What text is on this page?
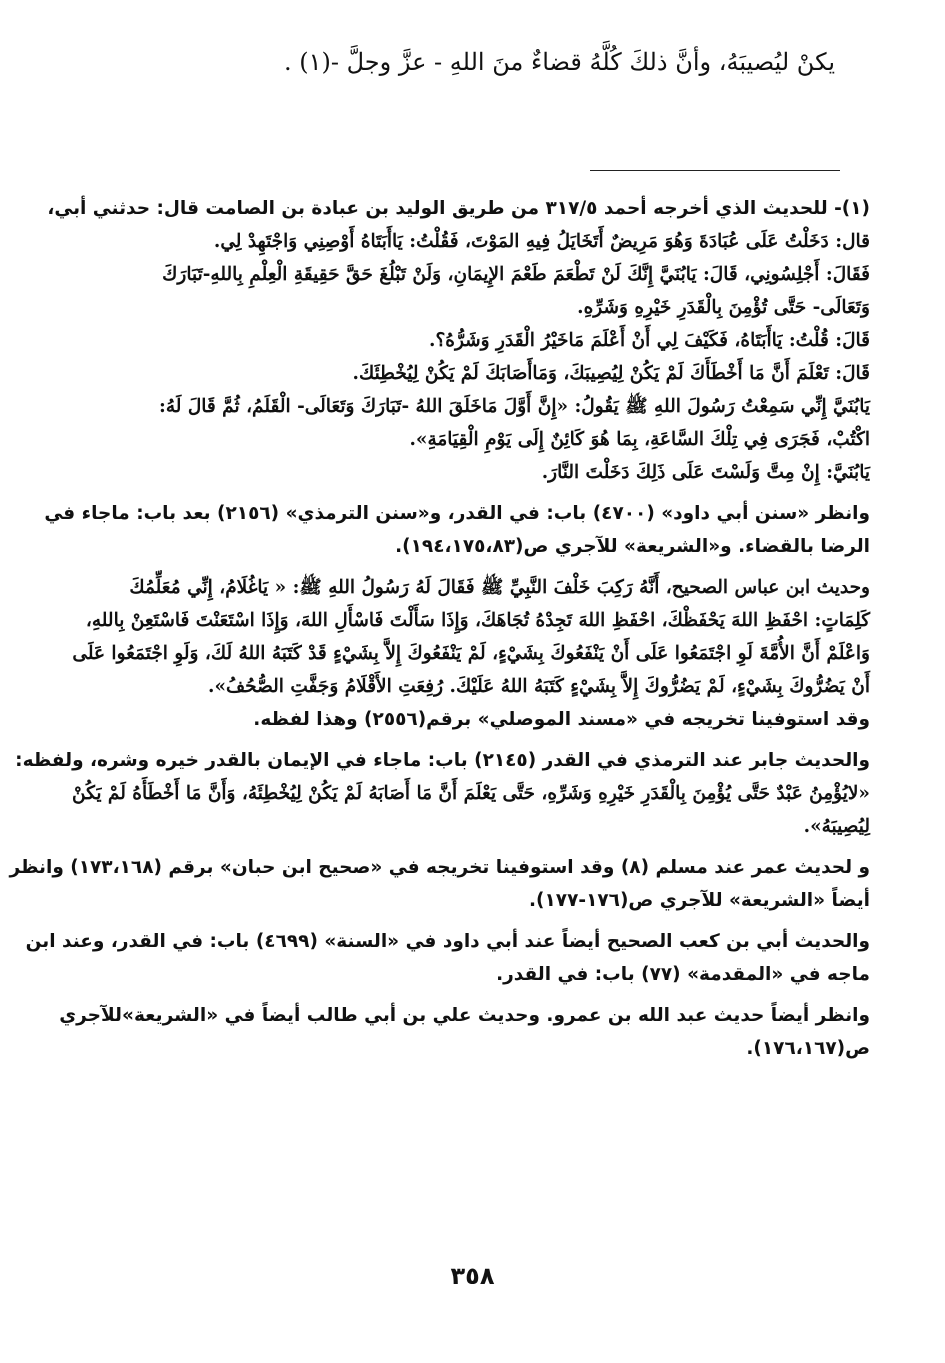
يكنْ ليُصيبَهُ، وأنَّ ذلكَ كُلَّهُ قضاءٌ منَ اللهِ - عزَّ وجلَّ -(١) .
(١)- للحديث الذي أخرجه أحمد ٣١٧/٥ من طريق الوليد بن عبادة بن الصامت قال: حدثني أبي،
قال: دَخَلْتُ عَلَى عُبَادَةَ وَهُوَ مَرِيضٌ أَتَخَايَلُ فِيهِ المَوْتَ، فَقُلْتُ: يَاأَبَتَاهُ أَوْصِنِي وَاجْتَهِدْ لِي.
فَقَالَ: أَجْلِسُونِي، قَالَ: يَابُنَيَّ إِنَّكَ لَنْ تَطْعَمَ طَعْمَ الإِيمَانِ، وَلَنْ تَبْلُغَ حَقَّ حَقِيقَةِ الْعِلْمِ بِاللهِ-تَبَارَكَ
وَتَعَالَى- حَتَّى تُؤْمِنَ بِالْقَدَرِ خَيْرِهِ وَشَرِّهِ.
قَالَ: قُلْتُ: يَاأَبَتَاهُ، فَكَيْفَ لِي أَنْ أَعْلَمَ مَاخَيْرُ الْقَدَرِ وَشَرُّهُ؟.
قَالَ: تَعْلَمَ أَنَّ مَا أَخْطَأَكَ لَمْ يَكُنْ لِيُصِيبَكَ، وَمَاأَصَابَكَ لَمْ يَكُنْ لِيُخْطِئَكَ.
يَابُنَيَّ إِنِّي سَمِعْتُ رَسُولَ اللهِ ﷺ يَقُولُ: «إِنَّ أَوَّلَ مَاخَلَقَ اللهُ -تَبَارَكَ وَتَعَالَى- الْقَلَمُ، ثُمَّ قَالَ لَهُ:
اكْتُبْ، فَجَرَى فِي تِلْكَ السَّاعَةِ، بِمَا هُوَ كَائِنٌ إِلَى يَوْمِ الْقِيَامَةِ».
يَابُنَيَّ: إِنْ مِتَّ وَلَسْتَ عَلَى ذَلِكَ دَخَلْتَ النَّارَ.
وانظر «سنن أبي داود» (٤٧٠٠) باب: في القدر، و«سنن الترمذي» (٢١٥٦) بعد باب: ماجاء في
الرضا بالقضاء. و«الشريعة» للآجري ص(١٩٤،١٧٥،٨٣).
وحديث ابن عباس الصحيح، أَنَّهُ رَكِبَ خَلْفَ النَّبِيِّ ﷺ فَقَالَ لَهُ رَسُولُ اللهِ ﷺ: « يَاغُلَامُ، إِنِّي مُعَلِّمُكَ
كَلِمَاتٍ: احْفَظِ اللهَ يَحْفَظْكَ، احْفَظِ اللهَ تَجِدْهُ تُجَاهَكَ، وَإِذَا سَأَلْتَ فَاسْأَلِ اللهَ، وَإِذَا اسْتَعَنْتَ فَاسْتَعِنْ بِاللهِ،
وَاعْلَمْ أَنَّ الأُمَّةَ لَوِ اجْتَمَعُوا عَلَى أَنْ يَنْفَعُوكَ بِشَيْءٍ، لَمْ يَنْفَعُوكَ إِلاَّ بِشَيْءٍ قَدْ كَتَبَهُ اللهُ لَكَ، وَلَوِ اجْتَمَعُوا عَلَى
أَنْ يَضُرُّوكَ بِشَيْءٍ، لَمْ يَضُرُّوكَ إِلاَّ بِشَيْءٍ كَتَبَهُ اللهُ عَلَيْكَ. رُفِعَتِ الأَقْلَامُ وَجَفَّتِ الصُّحُفُ».
وقد استوفينا تخريجه في «مسند الموصلي» برقم(٢٥٥٦) وهذا لفظه.
والحديث جابر عند الترمذي في القدر (٢١٤٥) باب: ماجاء في الإيمان بالقدر خيره وشره، ولفظه:
«لايُؤْمِنُ عَبْدٌ حَتَّى يُؤْمِنَ بِالْقَدَرِ خَيْرِهِ وَشَرِّهِ، حَتَّى يَعْلَمَ أَنَّ مَا أَصَابَهُ لَمْ يَكُنْ لِيُخْطِئَهُ، وَأَنَّ مَا أَخْطَأَهُ لَمْ يَكُنْ
لِيُصِيبَهُ».
و لحديث عمر عند مسلم (٨) وقد استوفينا تخريجه في «صحيح ابن حبان» برقم (١٧٣،١٦٨) وانظر
أيضاً «الشريعة» للآجري ص(١٧٦-١٧٧).
والحديث أبي بن كعب الصحيح أيضاً عند أبي داود في «السنة» (٤٦٩٩) باب: في القدر، وعند ابن
ماجه في «المقدمة» (٧٧) باب: في القدر.
وانظر أيضاً حديث عبد الله بن عمرو. وحديث علي بن أبي طالب أيضاً في «الشريعة»للآجري
ص(١٧٦،١٦٧).
٣٥٨
